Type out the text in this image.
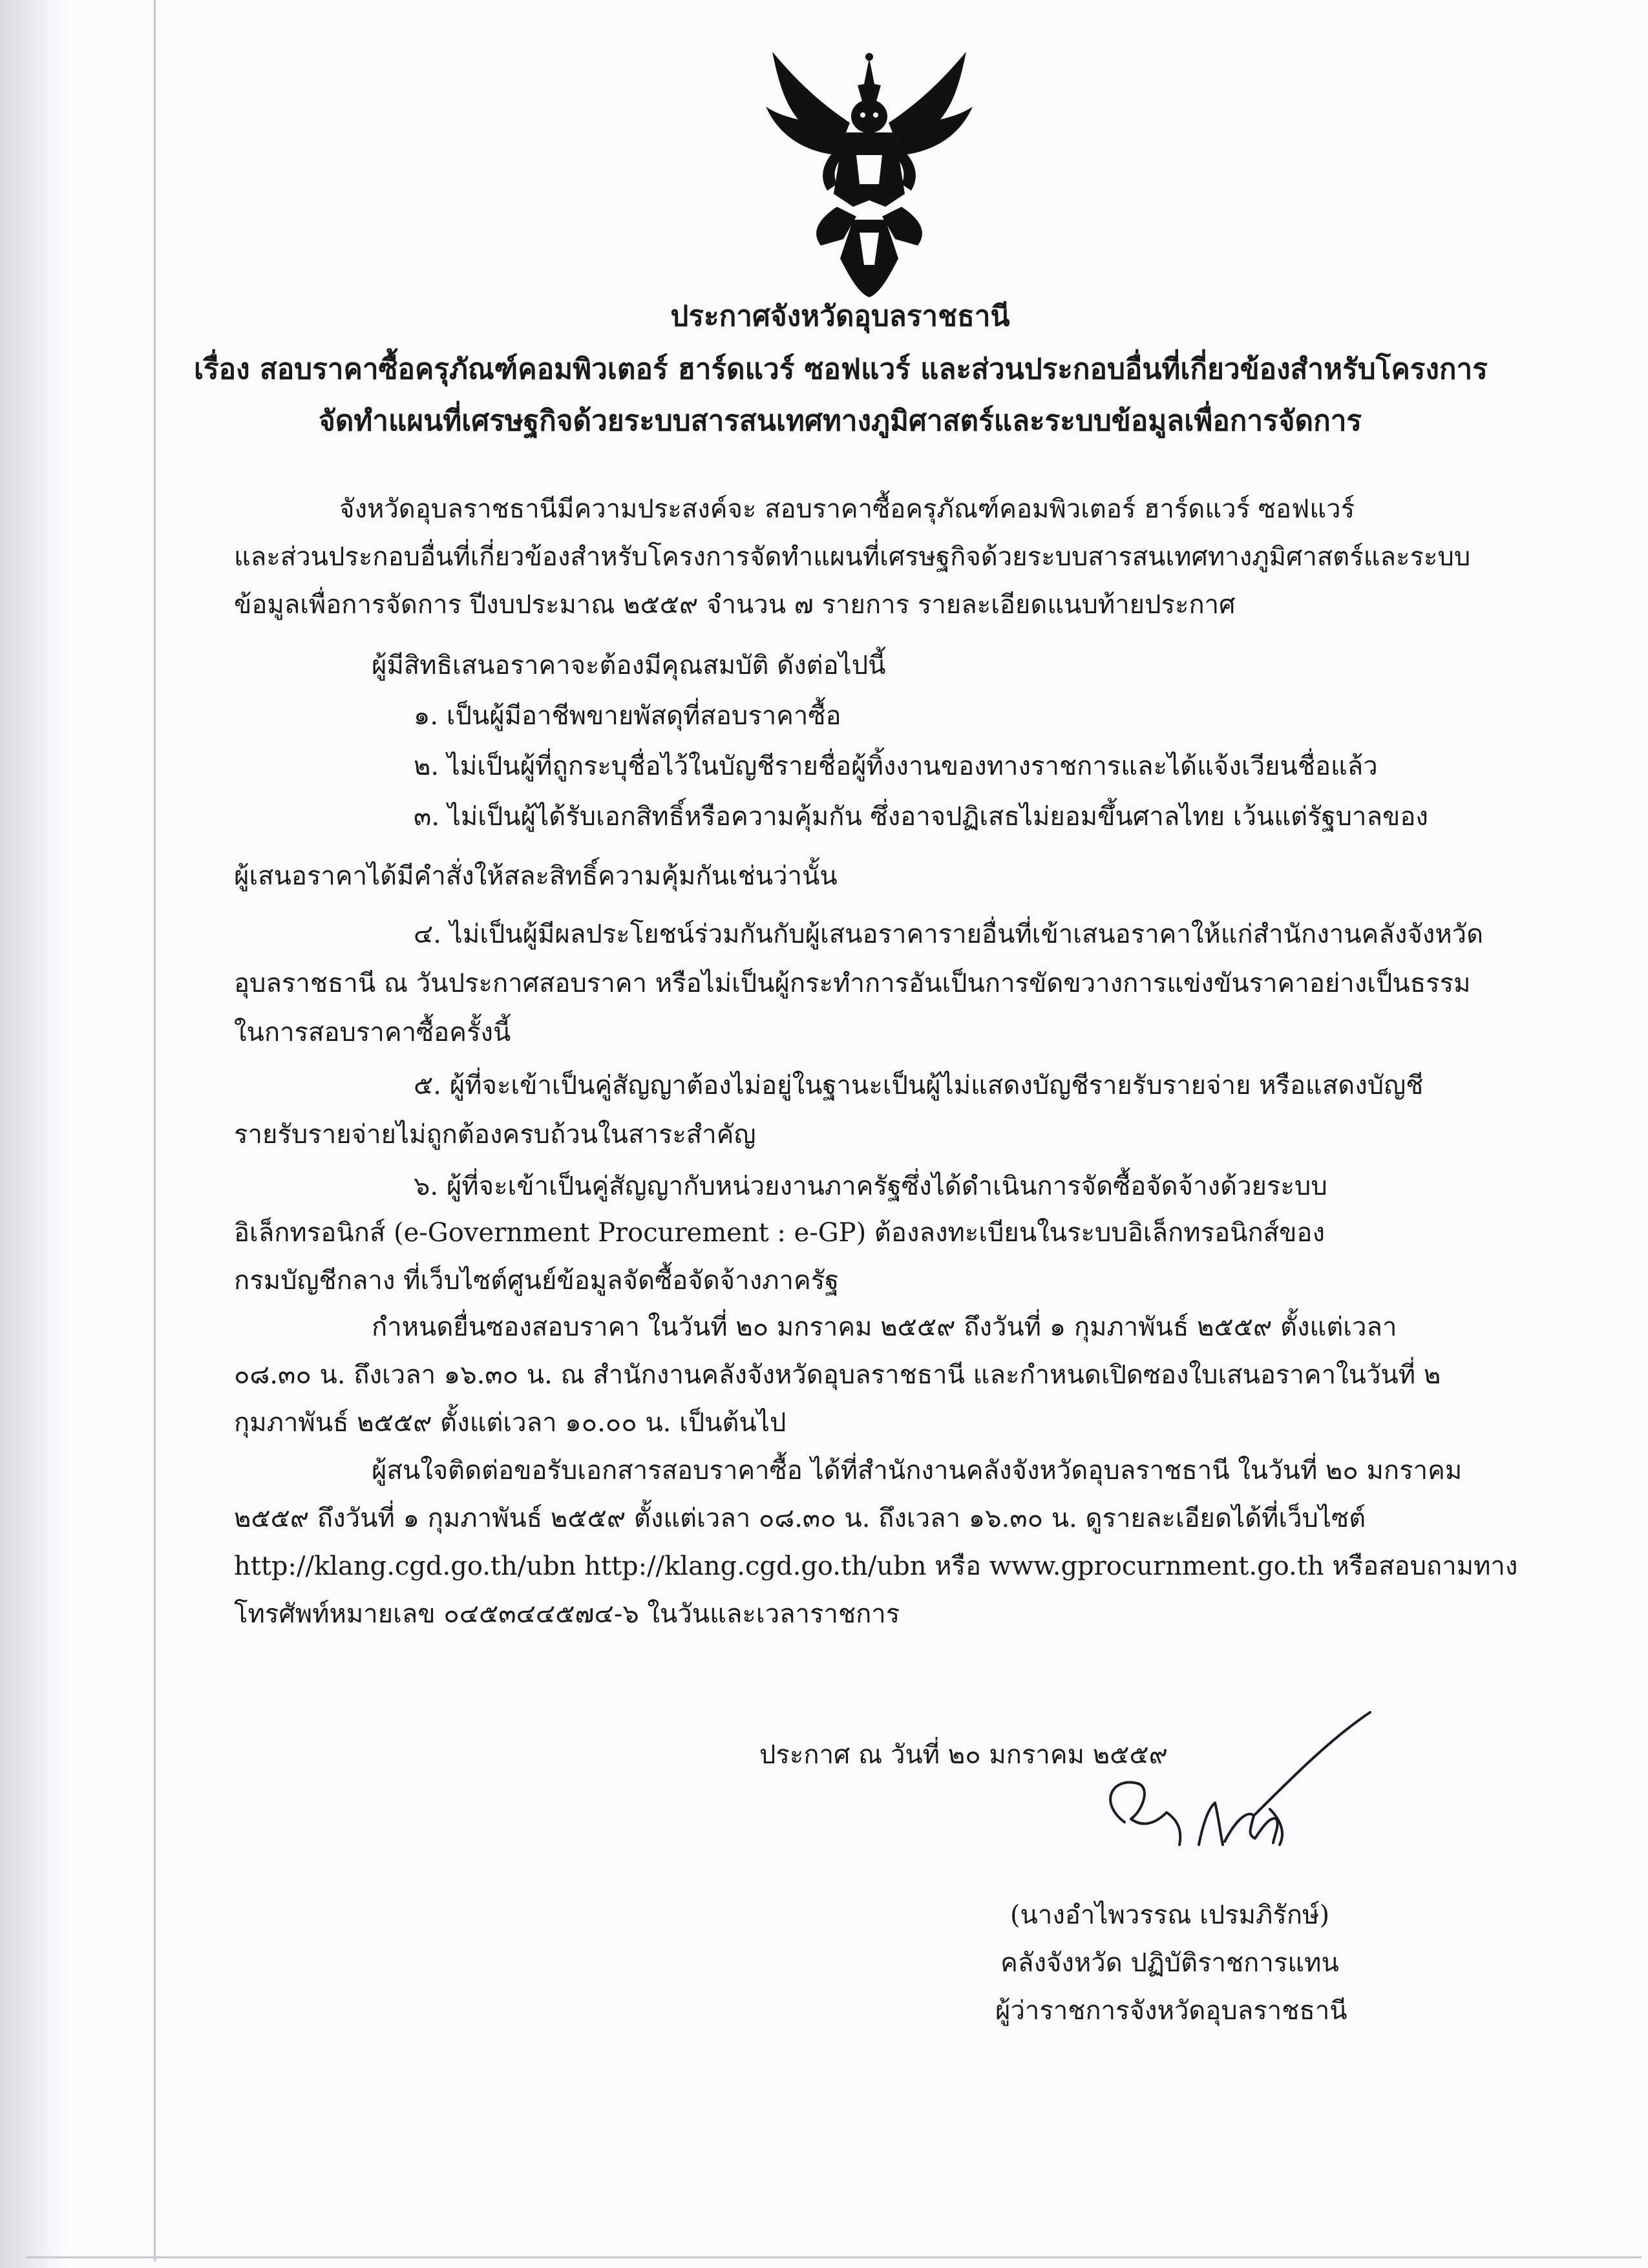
ประกาศจังหวัดอุบลราชธานี
เรื่อง สอบราคาซื้อครุภัณฑ์คอมพิวเตอร์ ฮาร์ดแวร์ ซอฟแวร์ และส่วนประกอบอื่นที่เกี่ยวข้องสำหรับโครงการ
จัดทำแผนที่เศรษฐกิจด้วยระบบสารสนเทศทางภูมิศาสตร์และระบบข้อมูลเพื่อการจัดการ
จังหวัดอุบลราชธานีมีความประสงค์จะ สอบราคาซื้อครุภัณฑ์คอมพิวเตอร์ ฮาร์ดแวร์ ซอฟแวร์
และส่วนประกอบอื่นที่เกี่ยวข้องสำหรับโครงการจัดทำแผนที่เศรษฐกิจด้วยระบบสารสนเทศทางภูมิศาสตร์และระบบ
ข้อมูลเพื่อการจัดการ ปีงบประมาณ ๒๕๕๙ จำนวน ๗ รายการ รายละเอียดแนบท้ายประกาศ
ผู้มีสิทธิเสนอราคาจะต้องมีคุณสมบัติ ดังต่อไปนี้
๑. เป็นผู้มีอาชีพขายพัสดุที่สอบราคาซื้อ
๒. ไม่เป็นผู้ที่ถูกระบุชื่อไว้ในบัญชีรายชื่อผู้ทิ้งงานของทางราชการและได้แจ้งเวียนชื่อแล้ว
๓. ไม่เป็นผู้ได้รับเอกสิทธิ์หรือความคุ้มกัน ซึ่งอาจปฏิเสธไม่ยอมขึ้นศาลไทย เว้นแต่รัฐบาลของ
ผู้เสนอราคาได้มีคำสั่งให้สละสิทธิ์ความคุ้มกันเช่นว่านั้น
๔. ไม่เป็นผู้มีผลประโยชน์ร่วมกันกับผู้เสนอราคารายอื่นที่เข้าเสนอราคาให้แก่สำนักงานคลังจังหวัด
อุบลราชธานี ณ วันประกาศสอบราคา หรือไม่เป็นผู้กระทำการอันเป็นการขัดขวางการแข่งขันราคาอย่างเป็นธรรม
ในการสอบราคาซื้อครั้งนี้
๕. ผู้ที่จะเข้าเป็นคู่สัญญาต้องไม่อยู่ในฐานะเป็นผู้ไม่แสดงบัญชีรายรับรายจ่าย หรือแสดงบัญชี
รายรับรายจ่ายไม่ถูกต้องครบถ้วนในสาระสำคัญ
๖. ผู้ที่จะเข้าเป็นคู่สัญญากับหน่วยงานภาครัฐซึ่งได้ดำเนินการจัดซื้อจัดจ้างด้วยระบบ
อิเล็กทรอนิกส์ (e-Government Procurement : e-GP) ต้องลงทะเบียนในระบบอิเล็กทรอนิกส์ของ
กรมบัญชีกลาง ที่เว็บไซต์ศูนย์ข้อมูลจัดซื้อจัดจ้างภาครัฐ
กำหนดยื่นซองสอบราคา ในวันที่ ๒๐ มกราคม ๒๕๕๙ ถึงวันที่ ๑ กุมภาพันธ์ ๒๕๕๙ ตั้งแต่เวลา
๐๘.๓๐ น. ถึงเวลา ๑๖.๓๐ น. ณ สำนักงานคลังจังหวัดอุบลราชธานี และกำหนดเปิดซองใบเสนอราคาในวันที่ ๒
กุมภาพันธ์ ๒๕๕๙ ตั้งแต่เวลา ๑๐.๐๐ น. เป็นต้นไป
ผู้สนใจติดต่อขอรับเอกสารสอบราคาซื้อ ได้ที่สำนักงานคลังจังหวัดอุบลราชธานี ในวันที่ ๒๐ มกราคม
๒๕๕๙ ถึงวันที่ ๑ กุมภาพันธ์ ๒๕๕๙ ตั้งแต่เวลา ๐๘.๓๐ น. ถึงเวลา ๑๖.๓๐ น. ดูรายละเอียดได้ที่เว็บไซต์
http://klang.cgd.go.th/ubn http://klang.cgd.go.th/ubn หรือ www.gprocurnment.go.th หรือสอบถามทาง
โทรศัพท์หมายเลข ๐๔๕๓๔๔๕๗๔-๖ ในวันและเวลาราชการ
ประกาศ ณ วันที่ ๒๐ มกราคม ๒๕๕๙
(นางอำไพวรรณ เปรมภิรักษ์)
คลังจังหวัด ปฏิบัติราชการแทน
ผู้ว่าราชการจังหวัดอุบลราชธานี
